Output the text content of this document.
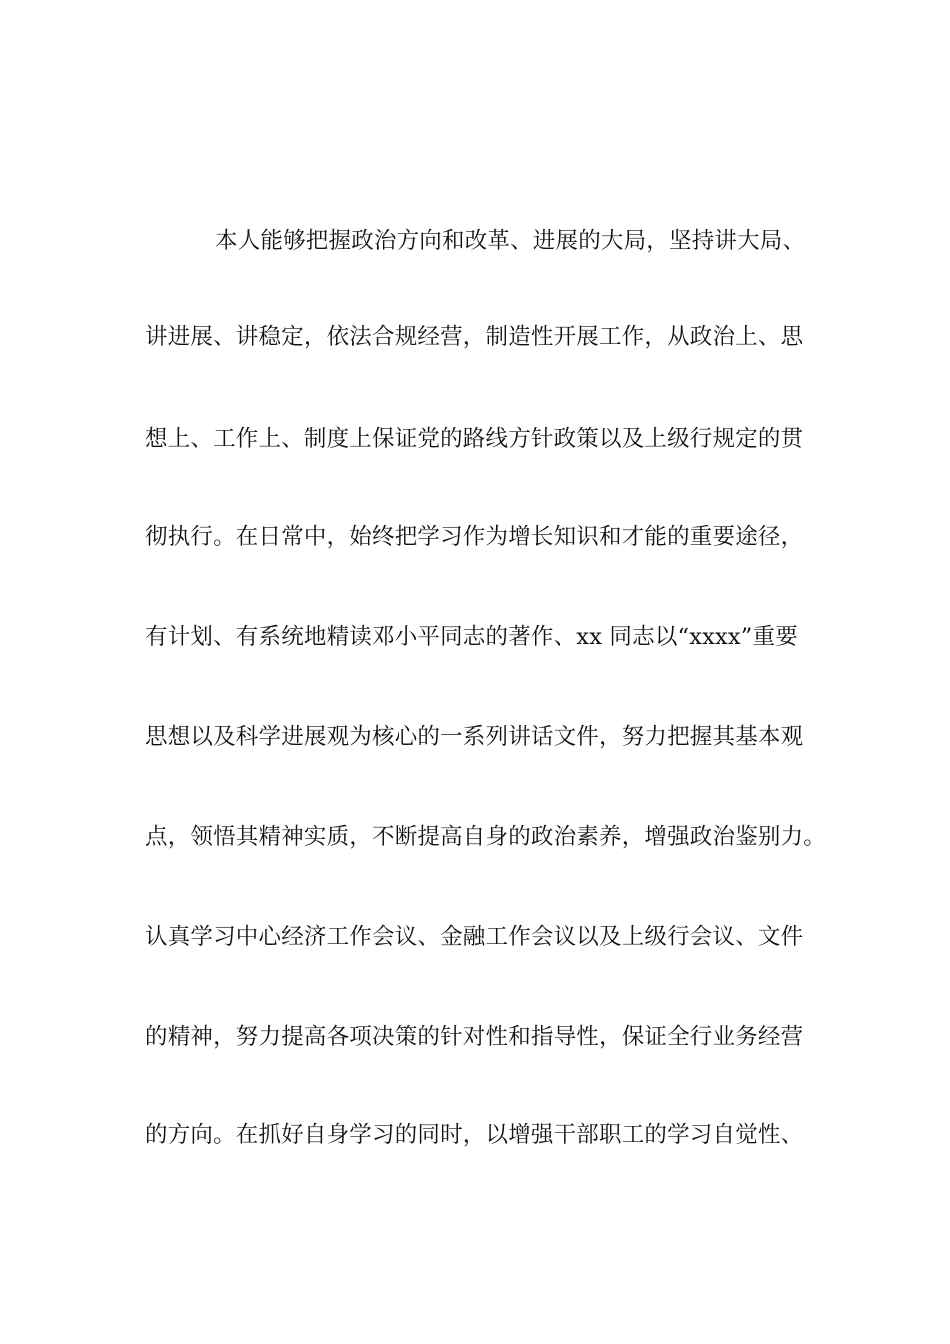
本人能够把握政治方向和改革、进展的大局，坚持讲大局、
讲进展、讲稳定，依法合规经营，制造性开展工作，从政治上、思
想上、工作上、制度上保证党的路线方针政策以及上级行规定的贯
彻执行。在日常中，始终把学习作为增长知识和才能的重要途径，
有计划、有系统地精读邓小平同志的著作、xx 同志以“xxxx”重要
思想以及科学进展观为核心的一系列讲话文件，努力把握其基本观
点，领悟其精神实质，不断提高自身的政治素养，增强政治鉴别力。
认真学习中心经济工作会议、金融工作会议以及上级行会议、文件
的精神，努力提高各项决策的针对性和指导性，保证全行业务经营
的方向。在抓好自身学习的同时，以增强干部职工的学习自觉性、
